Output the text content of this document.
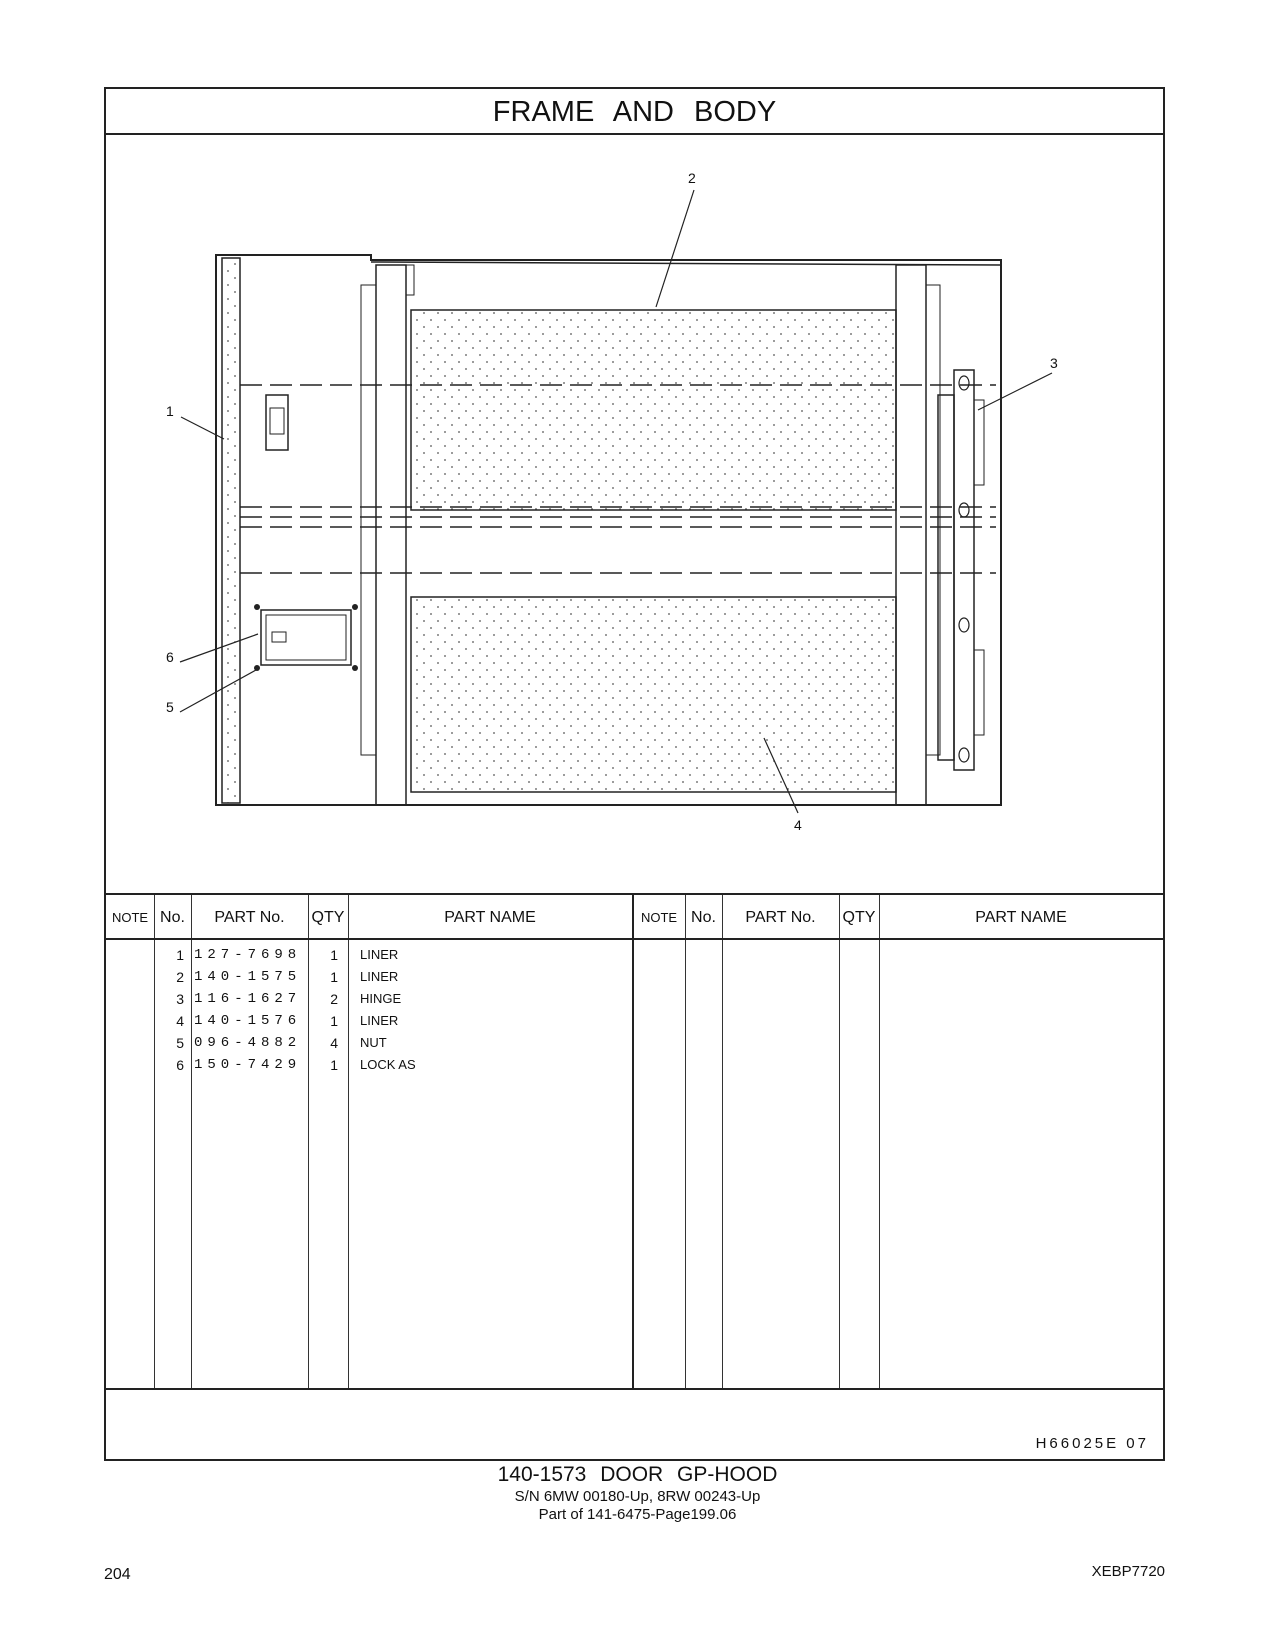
FRAME AND BODY
1
2
3
4
5
6
NOTE No.	PART No.	QTY	PART NAME	NOTE No.	PART No.	QTY	PART NAME
1 127-7698	1 LINER
2 140-1575	1 LINER
3 116-1627	2 HINGE
4 140-1576	1 LINER
5 096-4882	4 NUT
6 150-7429	1 LOCK AS
H66025E 07
140-1573 DOOR GP-HOOD
S/N 6MW 00180-Up, 8RW 00243-Up
Part of 141-6475-Page199.06
204	XEBP7720
